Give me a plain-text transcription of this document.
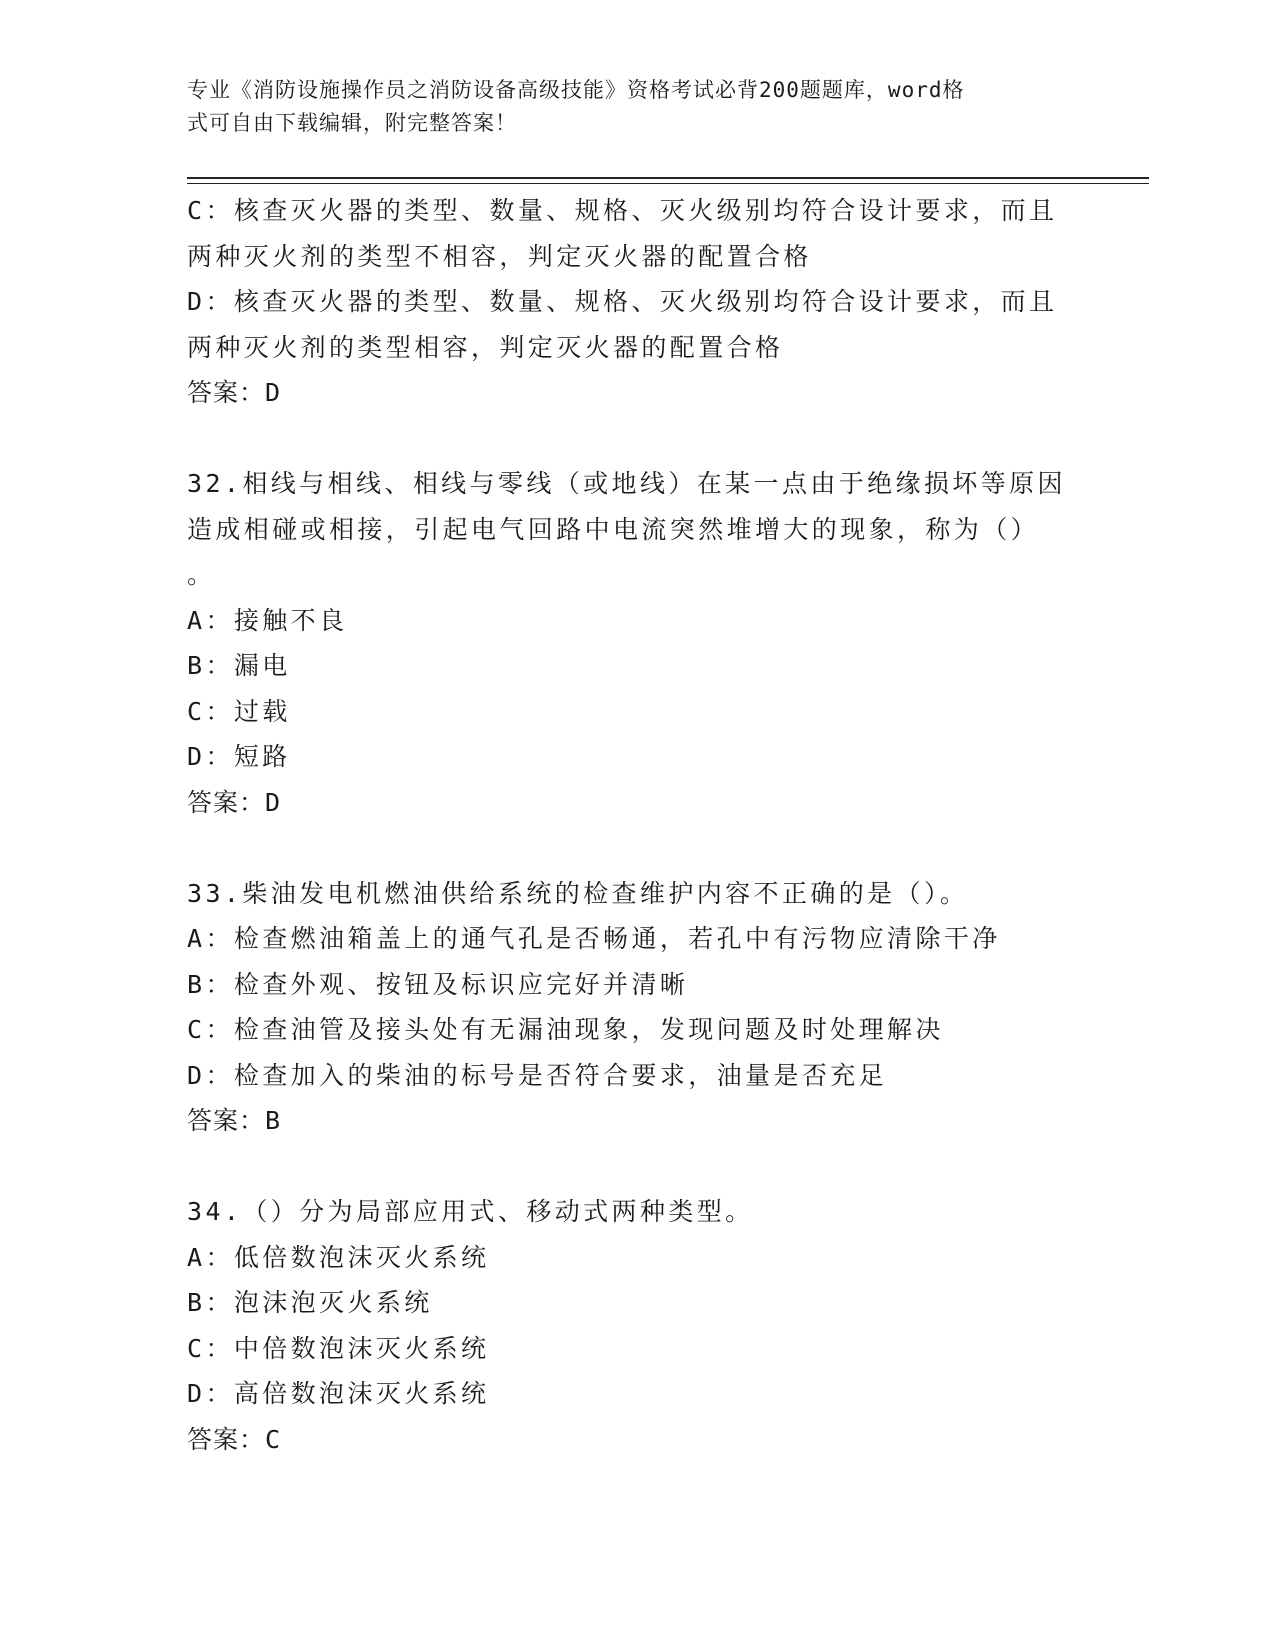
专业《消防设施操作员之消防设备高级技能》资格考试必背200题题库，word格
式可自由下载编辑，附完整答案！
C：核查灭火器的类型、数量、规格、灭火级别均符合设计要求，而且
两种灭火剂的类型不相容，判定灭火器的配置合格
D：核查灭火器的类型、数量、规格、灭火级别均符合设计要求，而且
两种灭火剂的类型相容，判定灭火器的配置合格
答案：D
32.相线与相线、相线与零线（或地线）在某一点由于绝缘损坏等原因
造成相碰或相接，引起电气回路中电流突然堆增大的现象，称为（）
。
A：接触不良
B：漏电
C：过载
D：短路
答案：D
33.柴油发电机燃油供给系统的检查维护内容不正确的是（）。
A：检查燃油箱盖上的通气孔是否畅通，若孔中有污物应清除干净
B：检查外观、按钮及标识应完好并清晰
C：检查油管及接头处有无漏油现象，发现问题及时处理解决
D：检查加入的柴油的标号是否符合要求，油量是否充足
答案：B
34.（）分为局部应用式、移动式两种类型。
A：低倍数泡沫灭火系统
B：泡沫泡灭火系统
C：中倍数泡沫灭火系统
D：高倍数泡沫灭火系统
答案：C
